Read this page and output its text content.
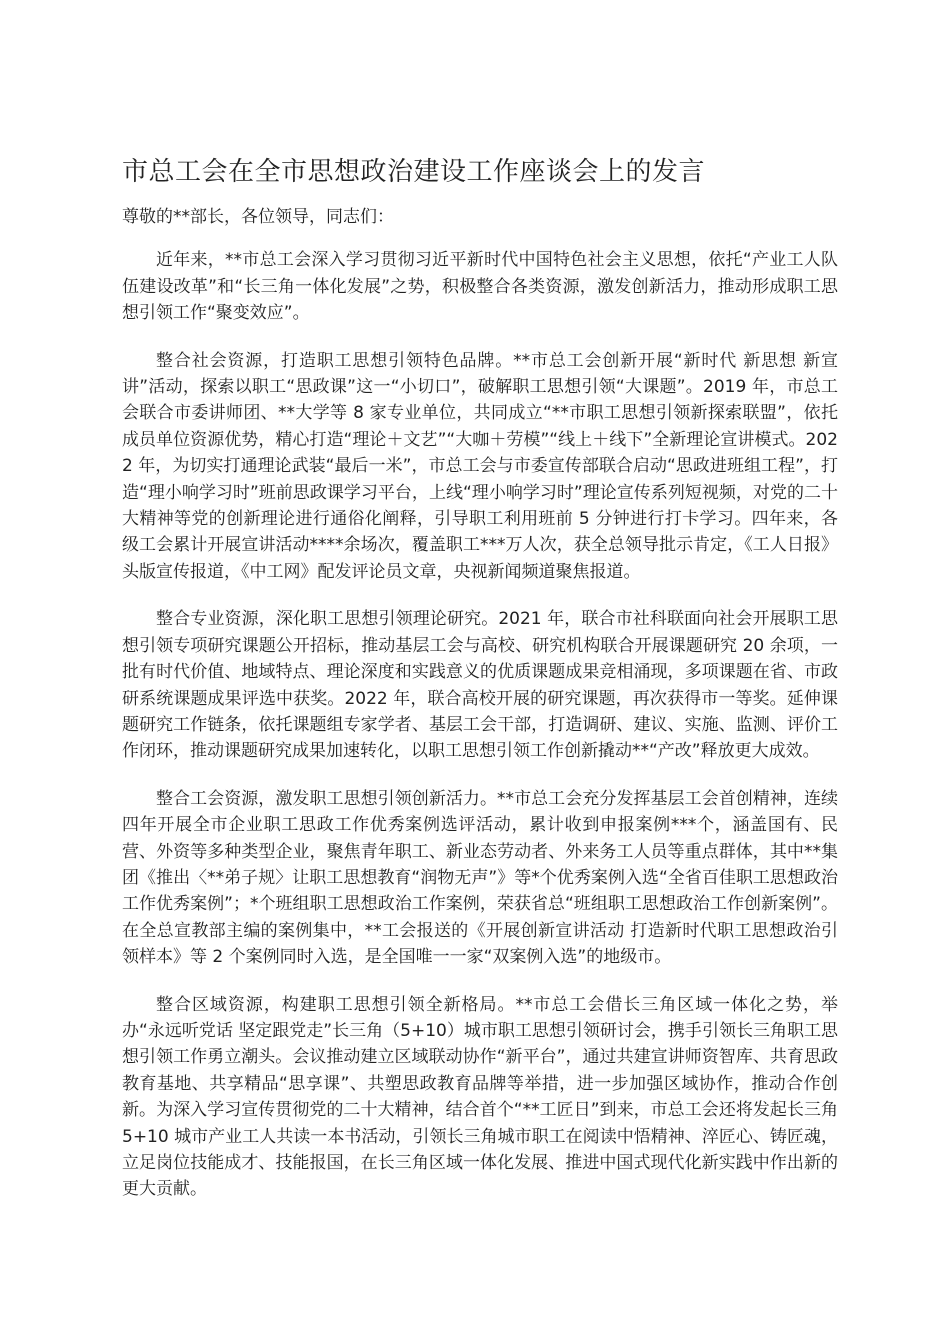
市总工会在全市思想政治建设工作座谈会上的发言

尊敬的**部长，各位领导，同志们：

近年来，**市总工会深入学习贯彻习近平新时代中国特色社会主义思想，依托“产业工人队伍建设改革”和“长三角一体化发展”之势，积极整合各类资源，激发创新活力，推动形成职工思想引领工作“聚变效应”。

整合社会资源，打造职工思想引领特色品牌。**市总工会创新开展“新时代 新思想 新宣讲”活动，探索以职工“思政课”这一“小切口”，破解职工思想引领“大课题”。2019 年，市总工会联合市委讲师团、**大学等 8 家专业单位，共同成立“**市职工思想引领新探索联盟”，依托成员单位资源优势，精心打造“理论＋文艺”“大咖＋劳模”“线上＋线下”全新理论宣讲模式。2022 年，为切实打通理论武装“最后一米”，市总工会与市委宣传部联合启动“思政进班组工程”，打造“理小响学习时”班前思政课学习平台，上线“理小响学习时”理论宣传系列短视频，对党的二十大精神等党的创新理论进行通俗化阐释，引导职工利用班前 5 分钟进行打卡学习。四年来，各级工会累计开展宣讲活动****余场次，覆盖职工***万人次，获全总领导批示肯定，《工人日报》头版宣传报道，《中工网》配发评论员文章，央视新闻频道聚焦报道。

整合专业资源，深化职工思想引领理论研究。2021 年，联合市社科联面向社会开展职工思想引领专项研究课题公开招标，推动基层工会与高校、研究机构联合开展课题研究 20 余项，一批有时代价值、地域特点、理论深度和实践意义的优质课题成果竞相涌现，多项课题在省、市政研系统课题成果评选中获奖。2022 年，联合高校开展的研究课题，再次获得市一等奖。延伸课题研究工作链条，依托课题组专家学者、基层工会干部，打造调研、建议、实施、监测、评价工作闭环，推动课题研究成果加速转化，以职工思想引领工作创新撬动**“产改”释放更大成效。

整合工会资源，激发职工思想引领创新活力。**市总工会充分发挥基层工会首创精神，连续四年开展全市企业职工思政工作优秀案例选评活动，累计收到申报案例***个，涵盖国有、民营、外资等多种类型企业，聚焦青年职工、新业态劳动者、外来务工人员等重点群体，其中**集团《推出〈**弟子规〉让职工思想教育“润物无声”》等*个优秀案例入选“全省百佳职工思想政治工作优秀案例”；*个班组职工思想政治工作案例，荣获省总“班组职工思想政治工作创新案例”。在全总宣教部主编的案例集中，**工会报送的《开展创新宣讲活动 打造新时代职工思想政治引领样本》等 2 个案例同时入选，是全国唯一一家“双案例入选”的地级市。

整合区域资源，构建职工思想引领全新格局。**市总工会借长三角区域一体化之势，举办“永远听党话 坚定跟党走”长三角（5+10）城市职工思想引领研讨会，携手引领长三角职工思想引领工作勇立潮头。会议推动建立区域联动协作“新平台”，通过共建宣讲师资智库、共育思政教育基地、共享精品“思享课”、共塑思政教育品牌等举措，进一步加强区域协作，推动合作创新。为深入学习宣传贯彻党的二十大精神，结合首个“**工匠日”到来，市总工会还将发起长三角 5+10 城市产业工人共读一本书活动，引领长三角城市职工在阅读中悟精神、淬匠心、铸匠魂，立足岗位技能成才、技能报国，在长三角区域一体化发展、推进中国式现代化新实践中作出新的更大贡献。
